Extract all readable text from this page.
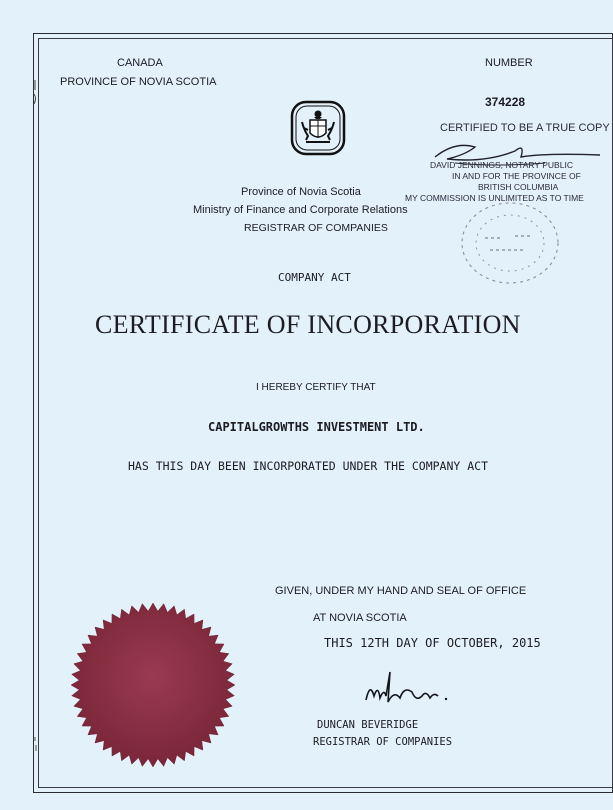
CANADA
PROVINCE OF NOVIA SCOTIA
NUMBER
374228
CERTIFIED TO BE A TRUE COPY
DAVID JENNINGS, NOTARY PUBLIC
IN AND FOR THE PROVINCE OF
BRITISH COLUMBIA
MY COMMISSION IS UNLIMITED AS TO TIME
Province of Novia Scotia
Ministry of Finance and Corporate Relations
REGISTRAR OF COMPANIES
COMPANY ACT
CERTIFICATE OF INCORPORATION
I HEREBY CERTIFY THAT
CAPITALGROWTHS INVESTMENT LTD.
HAS THIS DAY BEEN INCORPORATED UNDER THE COMPANY ACT
GIVEN, UNDER MY HAND AND SEAL OF OFFICE
AT NOVIA SCOTIA
THIS 12TH DAY OF OCTOBER, 2015
DUNCAN BEVERIDGE
REGISTRAR OF COMPANIES
